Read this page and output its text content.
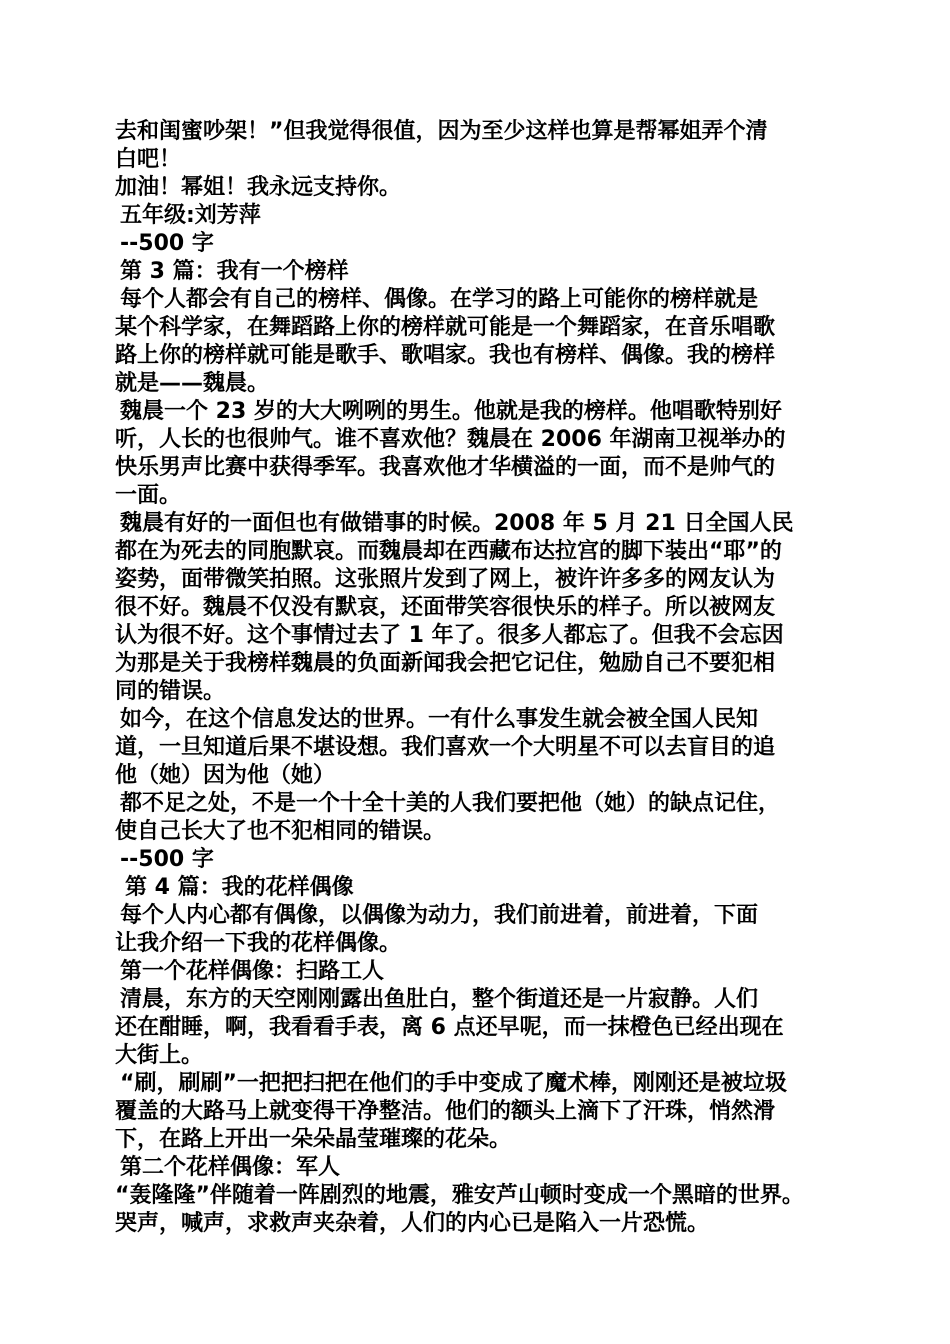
去和闺蜜吵架！”但我觉得很值，因为至少这样也算是帮幂姐弄个清
白吧！
加油！幂姐！我永远支持你。
五年级:刘芳萍
--500 字
第 3 篇：我有一个榜样
每个人都会有自己的榜样、偶像。在学习的路上可能你的榜样就是
某个科学家，在舞蹈路上你的榜样就可能是一个舞蹈家，在音乐唱歌
路上你的榜样就可能是歌手、歌唱家。我也有榜样、偶像。我的榜样
就是——魏晨。
魏晨一个 23 岁的大大咧咧的男生。他就是我的榜样。他唱歌特别好
听，人长的也很帅气。谁不喜欢他？魏晨在 2006 年湖南卫视举办的
快乐男声比赛中获得季军。我喜欢他才华横溢的一面，而不是帅气的
一面。
魏晨有好的一面但也有做错事的时候。2008 年 5 月 21 日全国人民
都在为死去的同胞默哀。而魏晨却在西藏布达拉宫的脚下装出“耶”的
姿势，面带微笑拍照。这张照片发到了网上，被许许多多的网友认为
很不好。魏晨不仅没有默哀，还面带笑容很快乐的样子。所以被网友
认为很不好。这个事情过去了 1 年了。很多人都忘了。但我不会忘因
为那是关于我榜样魏晨的负面新闻我会把它记住，勉励自己不要犯相
同的错误。
如今，在这个信息发达的世界。一有什么事发生就会被全国人民知
道，一旦知道后果不堪设想。我们喜欢一个大明星不可以去盲目的追
他（她）因为他（她）
都不足之处，不是一个十全十美的人我们要把他（她）的缺点记住，
使自己长大了也不犯相同的错误。
--500 字
第 4 篇：我的花样偶像
每个人内心都有偶像，以偶像为动力，我们前进着，前进着，下面
让我介绍一下我的花样偶像。
第一个花样偶像：扫路工人
清晨，东方的天空刚刚露出鱼肚白，整个街道还是一片寂静。人们
还在酣睡，啊，我看看手表，离 6 点还早呢，而一抹橙色已经出现在
大街上。
“刷，刷刷”一把把扫把在他们的手中变成了魔术棒，刚刚还是被垃圾
覆盖的大路马上就变得干净整洁。他们的额头上滴下了汗珠，悄然滑
下，在路上开出一朵朵晶莹璀璨的花朵。
第二个花样偶像：军人
“轰隆隆”伴随着一阵剧烈的地震，雅安芦山顿时变成一个黑暗的世界。
哭声，喊声，求救声夹杂着，人们的内心已是陷入一片恐慌。
